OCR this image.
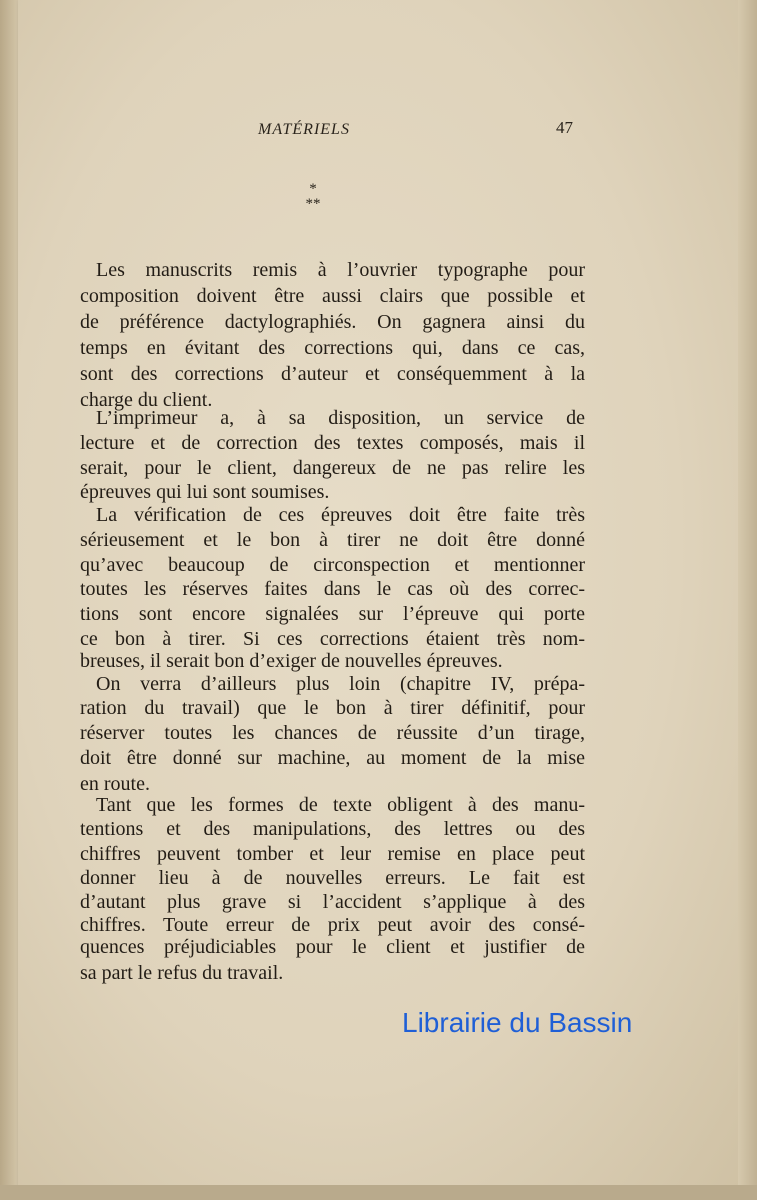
MATÉRIELS	47
*
**
Les manuscrits remis à l’ouvrier typographe pour
composition doivent être aussi clairs que possible et
de préférence dactylographiés. On gagnera ainsi du
temps en évitant des corrections qui, dans ce cas,
sont des corrections d’auteur et conséquemment à la
charge du client.
L’imprimeur a, à sa disposition, un service de
lecture et de correction des textes composés, mais il
serait, pour le client, dangereux de ne pas relire les
épreuves qui lui sont soumises.
La vérification de ces épreuves doit être faite très
sérieusement et le bon à tirer ne doit être donné
qu’avec beaucoup de circonspection et mentionner
toutes les réserves faites dans le cas où des correc-
tions sont encore signalées sur l’épreuve qui porte
ce bon à tirer. Si ces corrections étaient très nom-
breuses, il serait bon d’exiger de nouvelles épreuves.
On verra d’ailleurs plus loin (chapitre IV, prépa-
ration du travail) que le bon à tirer définitif, pour
réserver toutes les chances de réussite d’un tirage,
doit être donné sur machine, au moment de la mise
en route.
Tant que les formes de texte obligent à des manu-
tentions et des manipulations, des lettres ou des
chiffres peuvent tomber et leur remise en place peut
donner lieu à de nouvelles erreurs. Le fait est
d’autant plus grave si l’accident s’applique à des
chiffres. Toute erreur de prix peut avoir des consé-
quences préjudiciables pour le client et justifier de
sa part le refus du travail.
Librairie du Bassin
